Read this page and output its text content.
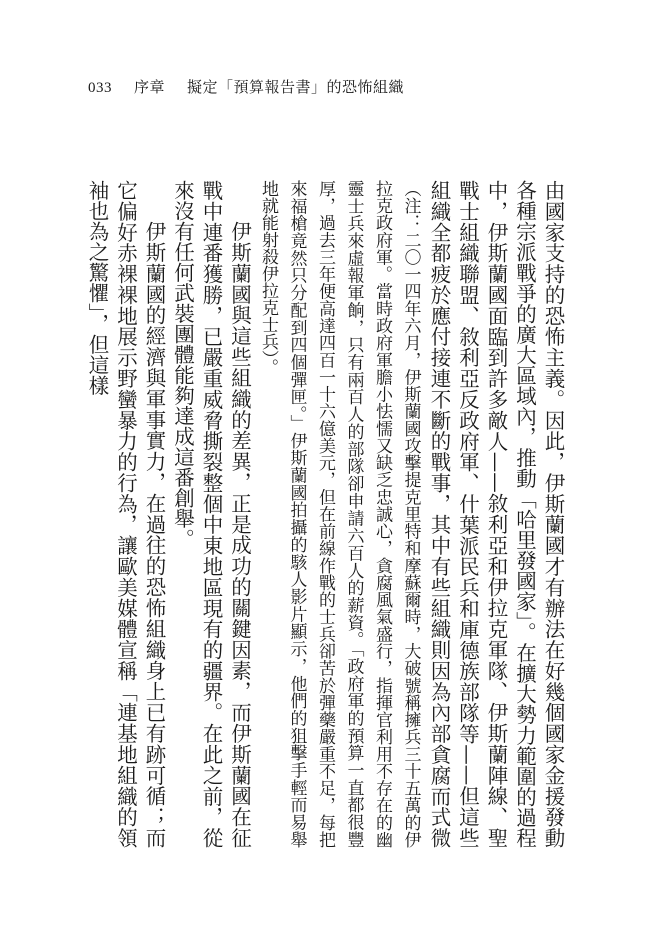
033 序章 擬定「預算報告書」的恐怖組織

由國家支持的恐怖主義。因此，伊斯蘭國才有辦法在好幾個國家金援發動各種宗派戰爭的廣大區域內，推動「哈里發國家」。在擴大勢力範圍的過程中，伊斯蘭國面臨到許多敵人——敘利亞和伊拉克軍隊、伊斯蘭陣線、聖戰士組織聯盟、敘利亞反政府軍、什葉派民兵和庫德族部隊等——但這些組織全都疲於應付接連不斷的戰事，其中有些組織則因為內部貪腐而式微（注：二〇一四年六月，伊斯蘭國攻擊提克里特和摩蘇爾時，大破號稱擁兵三十五萬的伊拉克政府軍。當時政府軍膽小怯懦又缺乏忠誠心，貪腐風氣盛行，指揮官利用不存在的幽靈士兵來虛報軍餉，只有兩百人的部隊卻申請六百人的薪資。「政府軍的預算一直都很豐厚，過去三年便高達四百一十六億美元，但在前線作戰的士兵卻苦於彈藥嚴重不足，每把來福槍竟然只分配到四個彈匣。」伊斯蘭國拍攝的駭人影片顯示，他們的狙擊手輕而易舉地就能射殺伊拉克士兵）。

伊斯蘭國與這些組織的差異，正是成功的關鍵因素，而伊斯蘭國在征戰中連番獲勝，已嚴重威脅撕裂整個中東地區現有的疆界。在此之前，從來沒有任何武裝團體能夠達成這番創舉。

伊斯蘭國的經濟與軍事實力，在過往的恐怖組織身上已有跡可循；而它偏好赤裸裸地展示野蠻暴力的行為，讓歐美媒體宣稱「連基地組織的領袖也為之驚懼」，但這樣
